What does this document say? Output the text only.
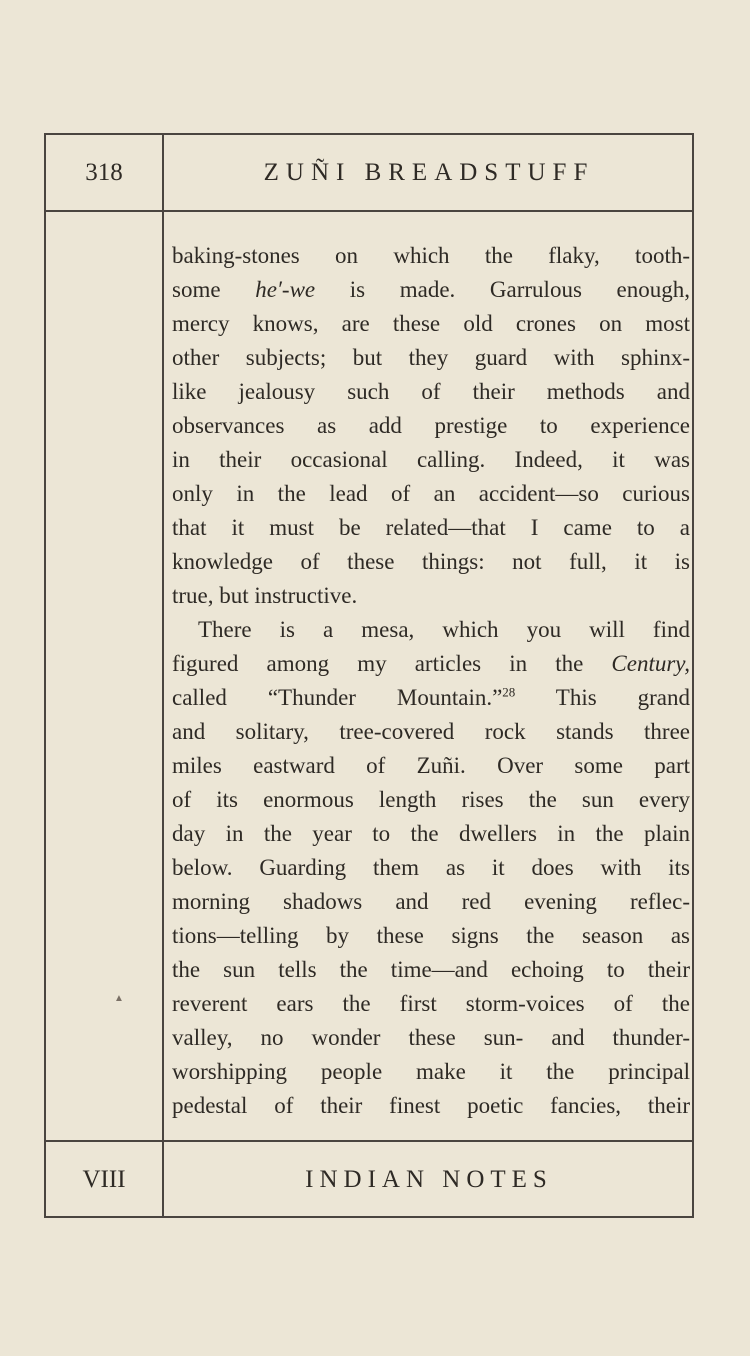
318	ZUÑI BREADSTUFF
baking-stones on which the flaky, tooth-
some he′-we is made. Garrulous enough,
mercy knows, are these old crones on most
other subjects; but they guard with sphinx-
like jealousy such of their methods and
observances as add prestige to experience
in their occasional calling. Indeed, it was
only in the lead of an accident—so curious
that it must be related—that I came to a
knowledge of these things: not full, it is
true, but instructive.
There is a mesa, which you will find
figured among my articles in the Century,
called “Thunder Mountain.”$^{28}$ This grand
and solitary, tree-covered rock stands three
miles eastward of Zuñi. Over some part
of its enormous length rises the sun every
day in the year to the dwellers in the plain
below. Guarding them as it does with its
morning shadows and red evening reflec-
tions—telling by these signs the season as
the sun tells the time—and echoing to their
reverent ears the first storm-voices of the
valley, no wonder these sun- and thunder-
worshipping people make it the principal
pedestal of their finest poetic fancies, their
▲
VIII	INDIAN NOTES
